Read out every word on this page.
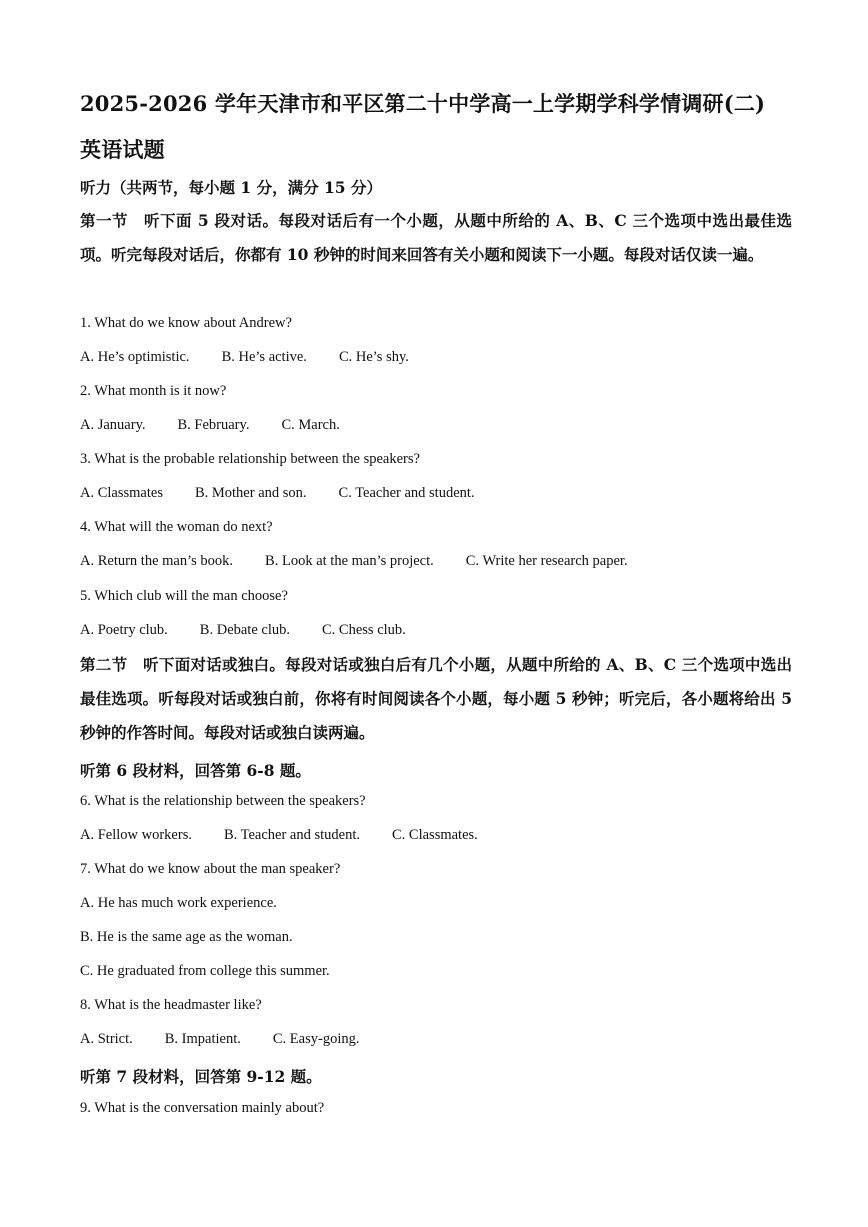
2025-2026 学年天津市和平区第二十中学高一上学期学科学情调研(二)
英语试题
听力（共两节，每小题 1 分，满分 15 分）
第一节　听下面 5 段对话。每段对话后有一个小题，从题中所给的 A、B、C 三个选项中选出最佳选项。听完每段对话后，你都有 10 秒钟的时间来回答有关小题和阅读下一小题。每段对话仅读一遍。
1. What do we know about Andrew?
A. He’s optimistic. B. He’s active. C. He’s shy.
2. What month is it now?
A. January. B. February. C. March.
3. What is the probable relationship between the speakers?
A. Classmates B. Mother and son. C. Teacher and student.
4. What will the woman do next?
A. Return the man’s book. B. Look at the man’s project. C. Write her research paper.
5. Which club will the man choose?
A. Poetry club. B. Debate club. C. Chess club.
第二节　听下面对话或独白。每段对话或独白后有几个小题，从题中所给的 A、B、C 三个选项中选出最佳选项。听每段对话或独白前，你将有时间阅读各个小题，每小题 5 秒钟；听完后，各小题将给出 5 秒钟的作答时间。每段对话或独白读两遍。
听第 6 段材料，回答第 6-8 题。
6. What is the relationship between the speakers?
A. Fellow workers. B. Teacher and student. C. Classmates.
7. What do we know about the man speaker?
A. He has much work experience.
B. He is the same age as the woman.
C. He graduated from college this summer.
8. What is the headmaster like?
A. Strict. B. Impatient. C. Easy-going.
听第 7 段材料，回答第 9-12 题。
9. What is the conversation mainly about?
